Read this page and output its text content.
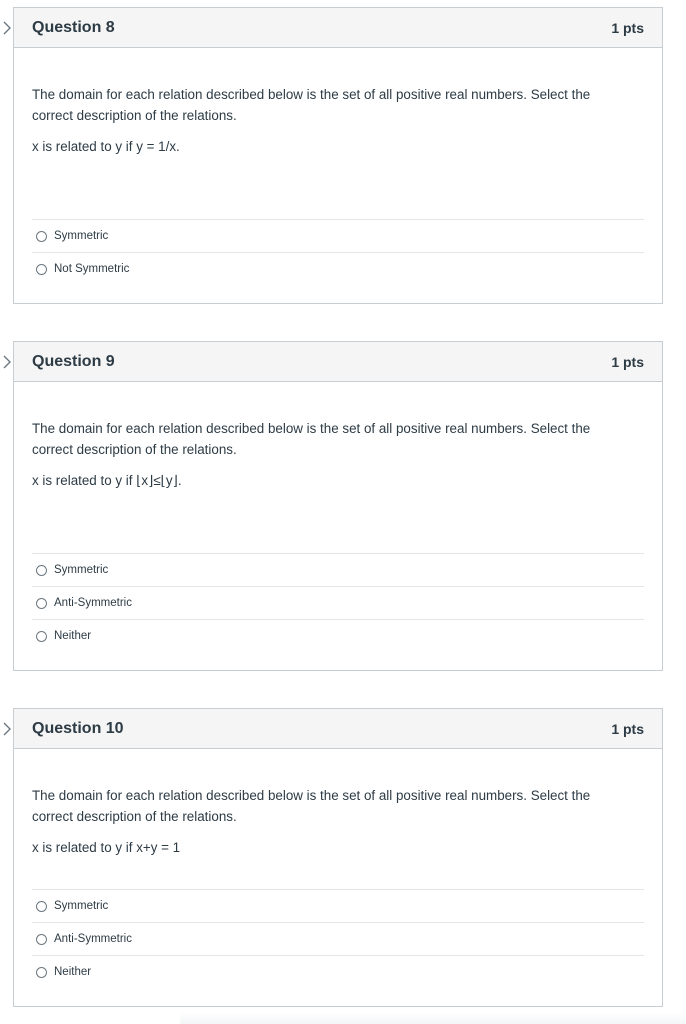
Question 8	1 pts

The domain for each relation described below is the set of all positive real numbers. Select the correct description of the relations.

x is related to y if y = 1/x.

Symmetric
Not Symmetric
Question 9	1 pts

The domain for each relation described below is the set of all positive real numbers. Select the correct description of the relations.

x is related to y if ⌊x⌋≤⌊y⌋.

Symmetric
Anti-Symmetric
Neither
Question 10	1 pts

The domain for each relation described below is the set of all positive real numbers. Select the correct description of the relations.

x is related to y if x+y = 1

Symmetric
Anti-Symmetric
Neither
